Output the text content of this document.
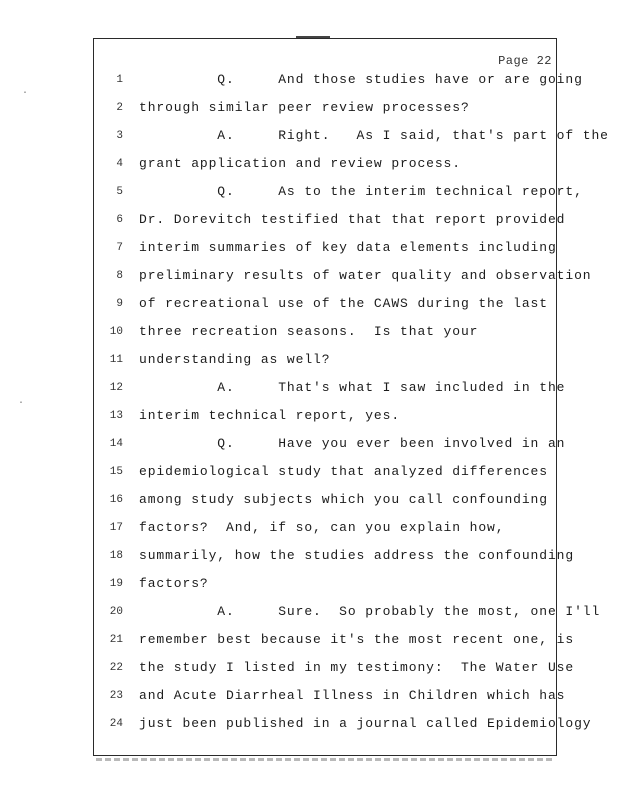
Page 22
·
·
1 Q.     And those studies have or are going
2 through similar peer review processes?
3 A.     Right.   As I said, that's part of the
4 grant application and review process.
5 Q.     As to the interim technical report,
6 Dr. Dorevitch testified that that report provided
7 interim summaries of key data elements including
8 preliminary results of water quality and observation
9 of recreational use of the CAWS during the last
10 three recreation seasons.  Is that your
11 understanding as well?
12 A.     That's what I saw included in the
13 interim technical report, yes.
14 Q.     Have you ever been involved in an
15 epidemiological study that analyzed differences
16 among study subjects which you call confounding
17 factors?  And, if so, can you explain how,
18 summarily, how the studies address the confounding
19 factors?
20 A.     Sure.  So probably the most, one I'll
21 remember best because it's the most recent one, is
22 the study I listed in my testimony:  The Water Use
23 and Acute Diarrheal Illness in Children which has
24 just been published in a journal called Epidemiology
